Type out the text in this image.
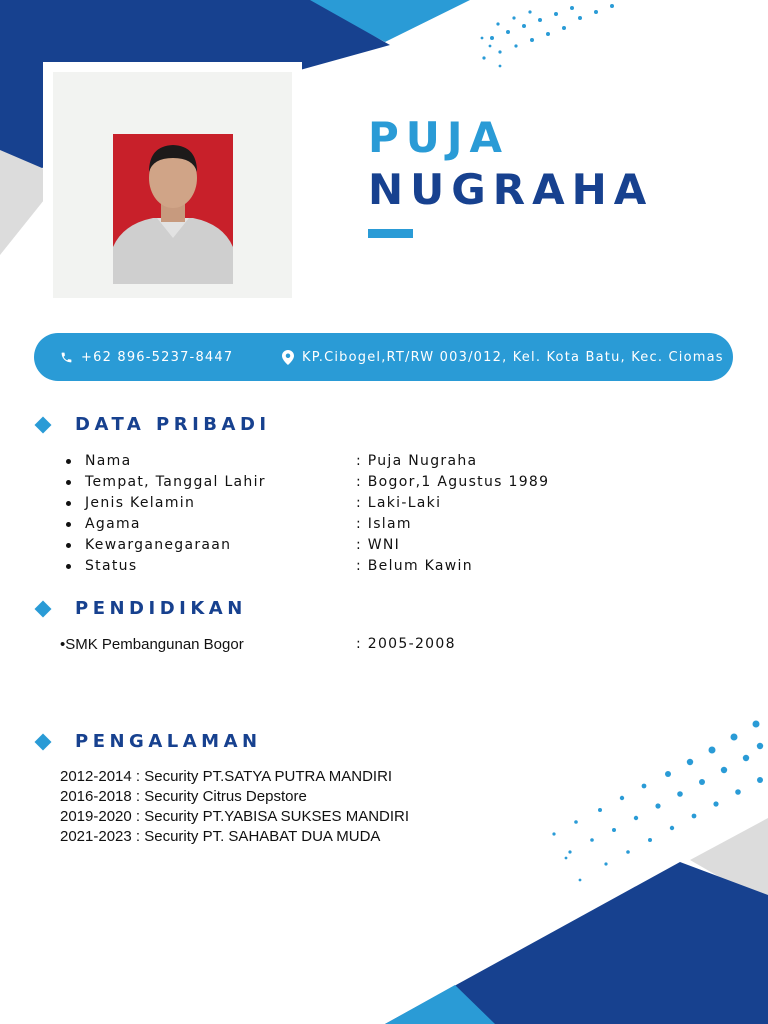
PUJA
NUGRAHA
+62 896-5237-8447	KP.Cibogel,RT/RW 003/012, Kel. Kota Batu, Kec. Ciomas
DATA PRIBADI
Nama	: Puja Nugraha
Tempat, Tanggal Lahir	: Bogor,1 Agustus 1989
Jenis Kelamin	: Laki-Laki
Agama	: Islam
Kewarganegaraan	: WNI
Status	: Belum Kawin
PENDIDIKAN
•SMK Pembangunan Bogor	: 2005-2008
PENGALAMAN
2012-2014 : Security PT.SATYA PUTRA MANDIRI
2016-2018 : Security Citrus Depstore
2019-2020 : Security PT.YABISA SUKSES MANDIRI
2021-2023 : Security PT. SAHABAT DUA MUDA
